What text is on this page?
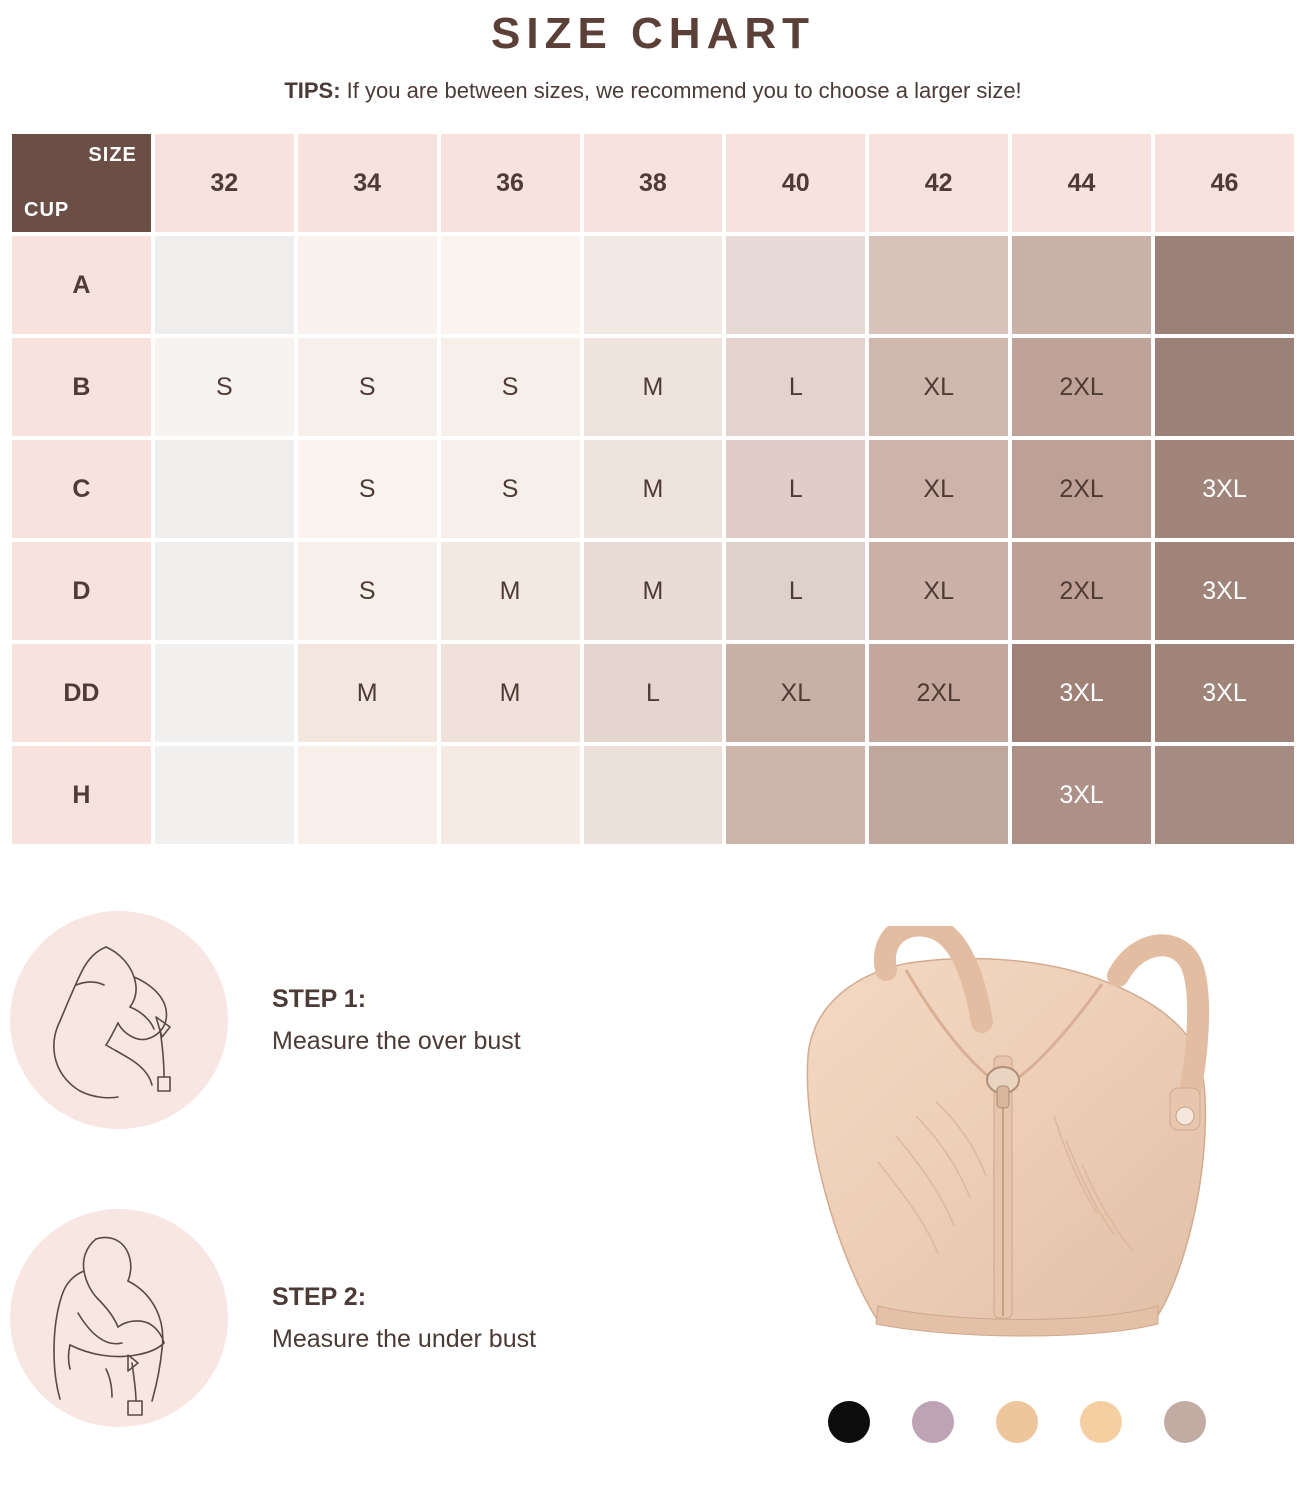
SIZE CHART
TIPS: If you are between sizes, we recommend you to choose a larger size!
SIZE
CUP	32	34	36	38	40	42	44	46
A								
B	S	S	S	M	L	XL	2XL	
C		S	S	M	L	XL	2XL	3XL
D		S	M	M	L	XL	2XL	3XL
DD		M	M	L	XL	2XL	3XL	3XL
H							3XL	
STEP 1:
Measure the over bust
STEP 2:
Measure the under bust
